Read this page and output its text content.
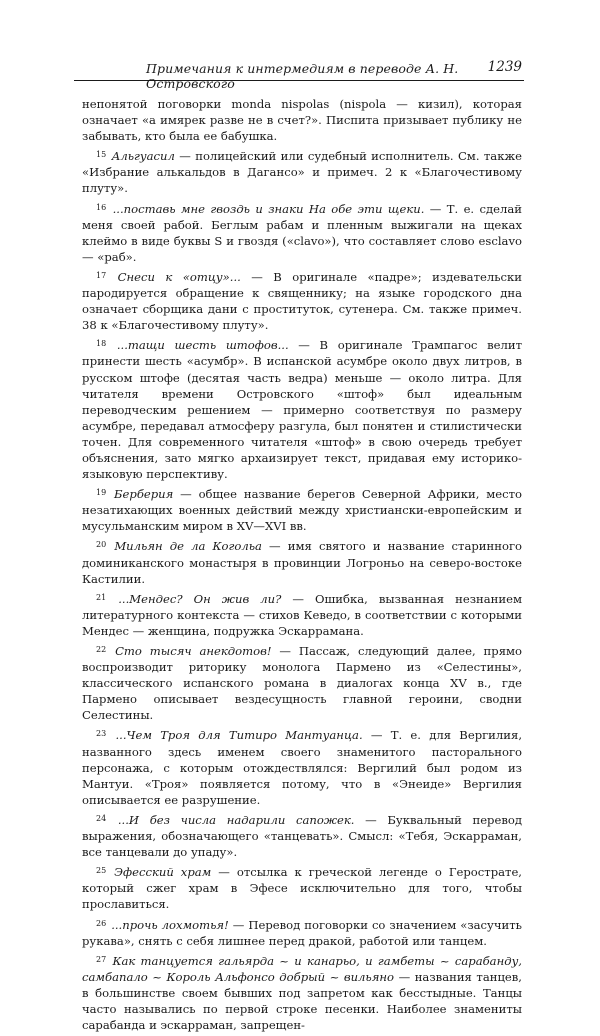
Примечания к интермедиям в переводе А. Н. Островского
1239

непонятой поговорки monda nispolas (nispola — кизил), которая означает «а имярек разве не в счет?». Пиcпита призывает публику не забывать, кто была ее бабушка.

$^{15}$ Альгуасил — полицейский или судебный исполнитель. См. также «Избрание алькальдов в Дагансо» и примеч. 2 к «Благочестивому плуту».

$^{16}$ ...поставь мне гвоздь и знаки На обе эти щеки. — Т. е. сделай меня своей рабой. Беглым рабам и пленным выжигали на щеках клеймо в виде буквы S и гвоздя («clavo»), что составляет слово esclavo — «раб».

$^{17}$ Снеси к «отцу»... — В оригинале «падре»; издевательски пародируется обращение к священнику; на языке городского дна означает сборщика дани с проституток, сутенера. См. также примеч. 38 к «Благочестивому плуту».

$^{18}$ ...тащи шесть штофов... — В оригинале Трампагос велит принести шесть «асумбр». В испанской асумбре около двух литров, в русском штофе (десятая часть ведра) меньше — около литра. Для читателя времени Островского «штоф» был идеальным переводческим решением — примерно соответствуя по размеру асумбре, передавал атмосферу разгула, был понятен и стилистически точен. Для современного читателя «штоф» в свою очередь требует объяснения, зато мягко архаизирует текст, придавая ему историко-языковую перспективу.

$^{19}$ Берберия — общее название берегов Северной Африки, место незатихающих военных действий между христиански-европейским и мусульманским миром в XV—XVI вв.

$^{20}$ Мильян де ла Когольа — имя святого и название старинного доминиканского монастыря в провинции Логроньо на северо-востоке Кастилии.

$^{21}$ ...Мендес? Он жив ли? — Ошибка, вызванная незнанием литературного контекста — стихов Кеведо, в соответствии с которыми Мендес — женщина, подружка Эскаррамана.

$^{22}$ Сто тысяч анекдотов! — Пассаж, следующий далее, прямо воспроизводит риторику монолога Пармено из «Селестины», классического испанского романа в диалогах конца XV в., где Пармено описывает вездесущность главной героини, сводни Селестины.

$^{23}$ ...Чем Троя для Титиро Мантуанца. — Т. е. для Вергилия, названного здесь именем своего знаменитого пасторального персонажа, с которым отождествлялся: Вергилий был родом из Мантуи. «Троя» появляется потому, что в «Энеиде» Вергилия описывается ее разрушение.

$^{24}$ ...И без числа надарили сапожек. — Буквальный перевод выражения, обозначающего «танцевать». Смысл: «Тебя, Эскарраман, все танцевали до упаду».

$^{25}$ Эфесский храм — отсылка к греческой легенде о Герострате, который сжег храм в Эфесе исключительно для того, чтобы прославиться.

$^{26}$ ...прочь лохмотья! — Перевод поговорки со значением «засучить рукава», снять с себя лишнее перед дракой, работой или танцем.

$^{27}$ Как танцуется гальярда ~ и канарьо, и гамбеты ~ сарабанду, самбапало ~ Король Альфонсо добрый ~ вильяно — названия танцев, в большинстве своем бывших под запретом как бесстыдные. Танцы часто назывались по первой строке песенки. Наиболее знамениты сарабанда и эскарраман, запрещен-
